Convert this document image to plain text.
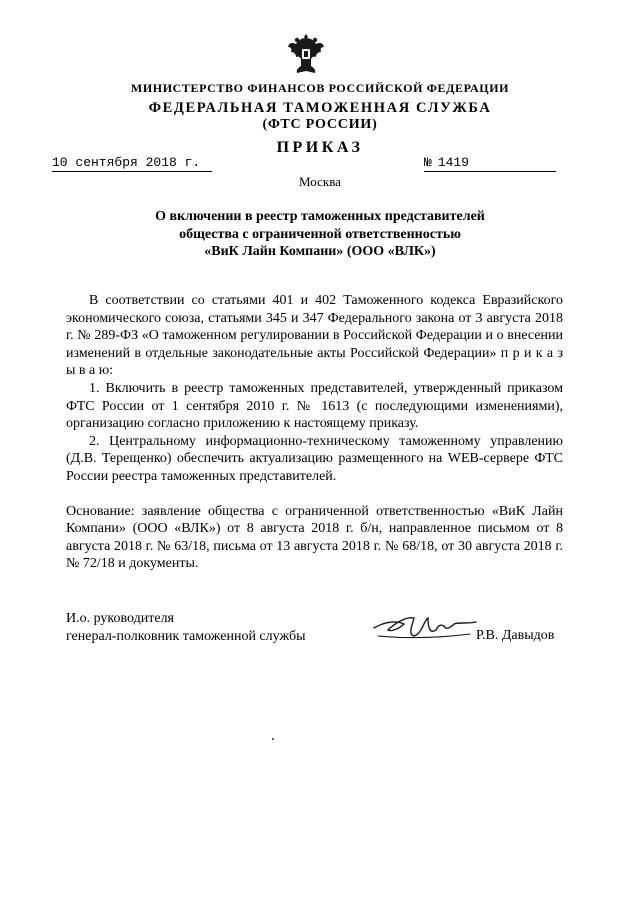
МИНИСТЕРСТВО ФИНАНСОВ РОССИЙСКОЙ ФЕДЕРАЦИИ
ФЕДЕРАЛЬНАЯ ТАМОЖЕННАЯ СЛУЖБА
(ФТС РОССИИ)
ПРИКАЗ
10 сентября 2018 г.	№ 1419
Москва
О включении в реестр таможенных представителей
общества с ограниченной ответственностью
«ВиК Лайн Компани» (ООО «ВЛК»)

В соответствии со статьями 401 и 402 Таможенного кодекса Евразийского экономического союза, статьями 345 и 347 Федерального закона от 3 августа 2018 г. № 289-ФЗ «О таможенном регулировании в Российской Федерации и о внесении изменений в отдельные законодательные акты Российской Федерации» п р и к а з ы в а ю:

1. Включить в реестр таможенных представителей, утвержденный приказом ФТС России от 1 сентября 2010 г. № 1613 (с последующими изменениями), организацию согласно приложению к настоящему приказу.

2. Центральному информационно-техническому таможенному управлению (Д.В. Терещенко) обеспечить актуализацию размещенного на WEB-сервере ФТС России реестра таможенных представителей.

Основание: заявление общества с ограниченной ответственностью «ВиК Лайн Компани» (ООО «ВЛК») от 8 августа 2018 г. б/н, направленное письмом от 8 августа 2018 г. № 63/18, письма от 13 августа 2018 г. № 68/18, от 30 августа 2018 г. № 72/18 и документы.

И.о. руководителя
генерал-полковник таможенной службы	Р.В. Давыдов
